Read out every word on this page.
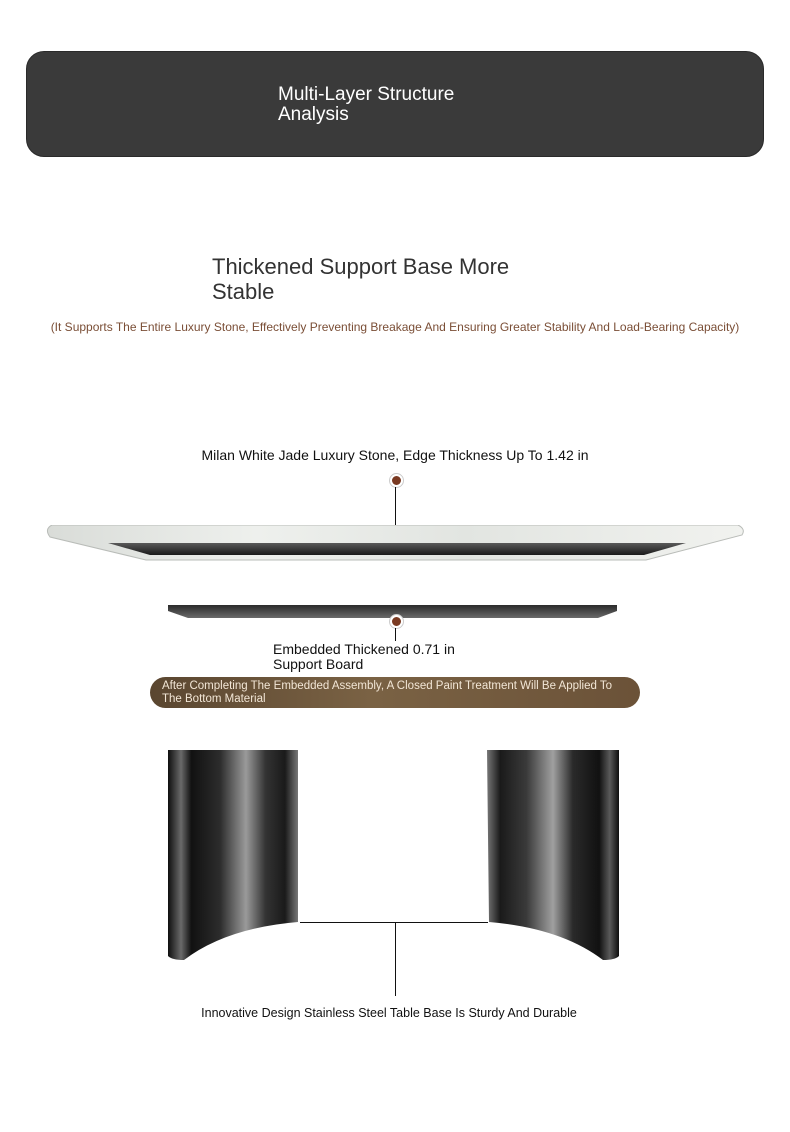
Multi-Layer Structure Analysis
Thickened Support Base More Stable
(It Supports The Entire Luxury Stone, Effectively Preventing Breakage And Ensuring Greater Stability And Load-Bearing Capacity)
Milan White Jade Luxury Stone, Edge Thickness Up To 1.42 in
Embedded Thickened 0.71 in Support Board
After Completing The Embedded Assembly, A Closed Paint Treatment Will Be Applied To The Bottom Material
Innovative Design Stainless Steel Table Base Is Sturdy And Durable
